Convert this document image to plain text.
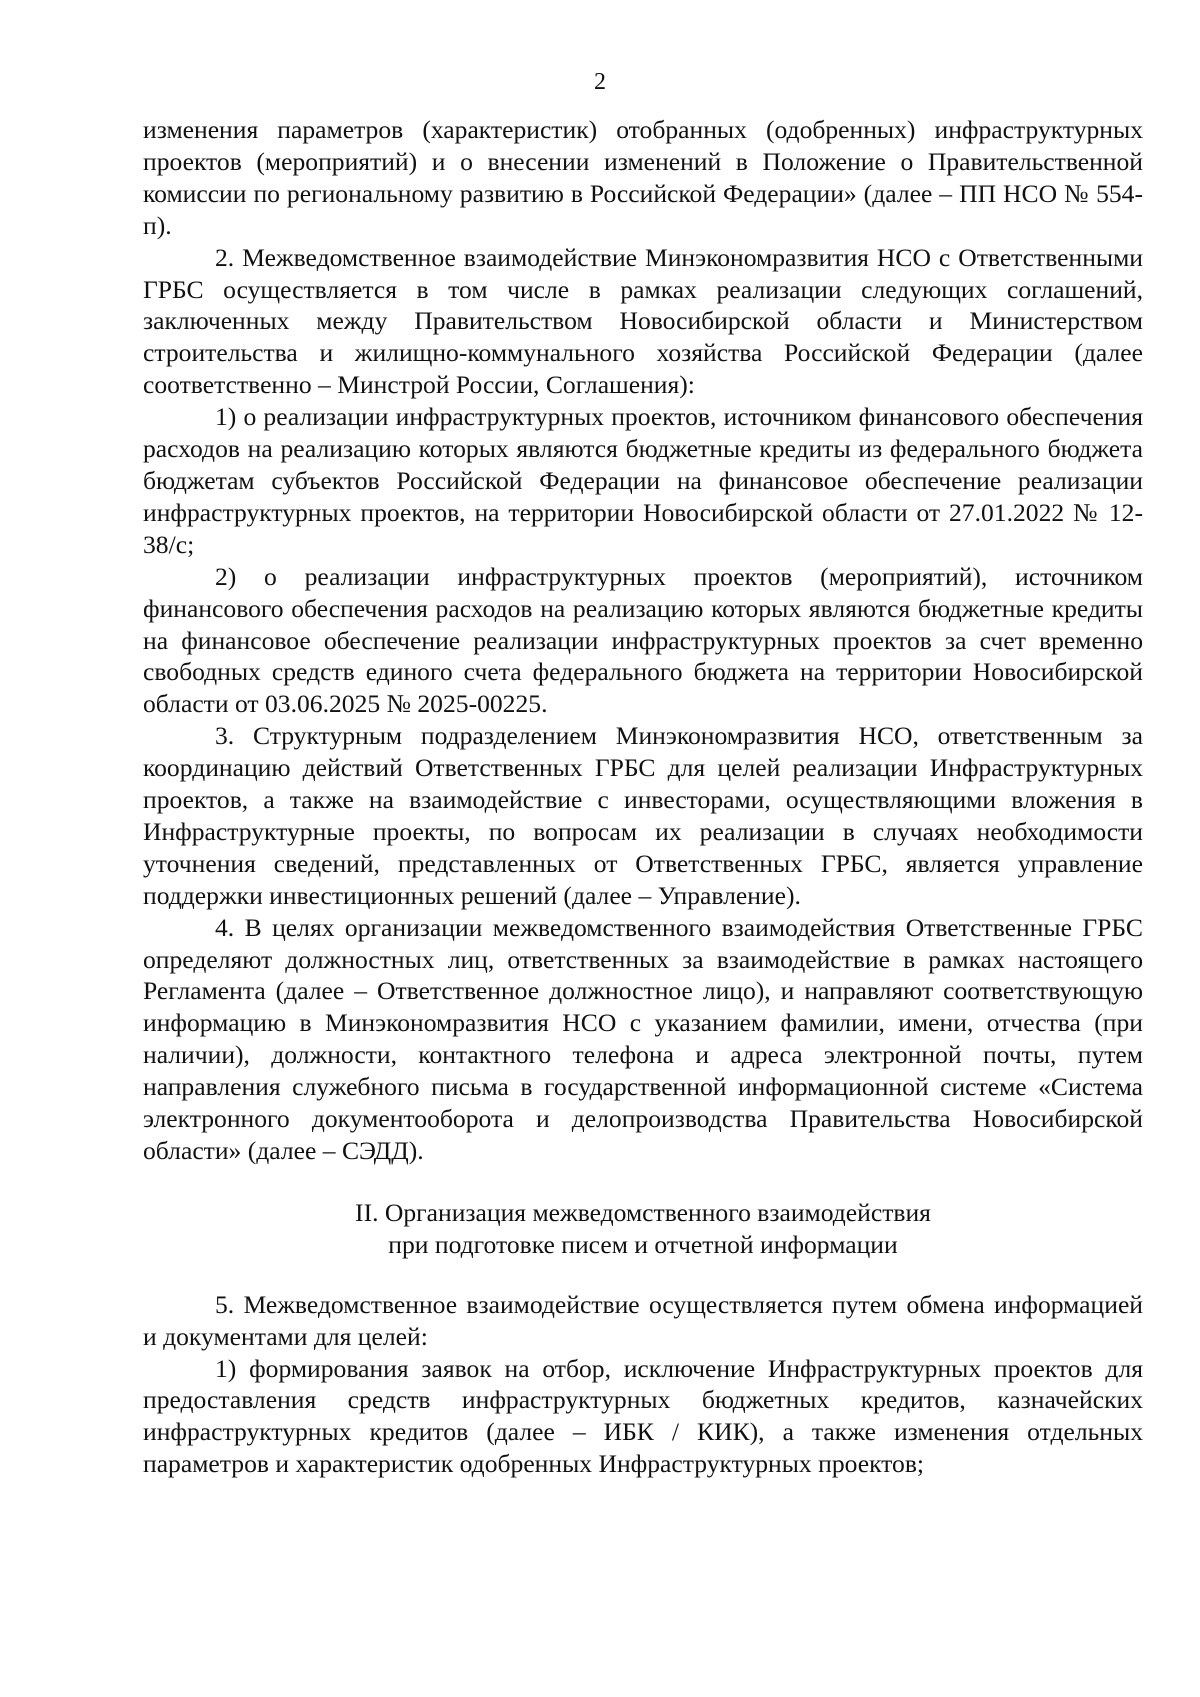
2

изменения параметров (характеристик) отобранных (одобренных) инфраструктурных проектов (мероприятий) и о внесении изменений в Положение о Правительственной комиссии по региональному развитию в Российской Федерации» (далее – ПП НСО № 554-п).

2. Межведомственное взаимодействие Минэкономразвития НСО с Ответственными ГРБС осуществляется в том числе в рамках реализации следующих соглашений, заключенных между Правительством Новосибирской области и Министерством строительства и жилищно-коммунального хозяйства Российской Федерации (далее соответственно – Минстрой России, Соглашения):

1) о реализации инфраструктурных проектов, источником финансового обеспечения расходов на реализацию которых являются бюджетные кредиты из федерального бюджета бюджетам субъектов Российской Федерации на финансовое обеспечение реализации инфраструктурных проектов, на территории Новосибирской области от 27.01.2022 № 12-38/с;

2) о реализации инфраструктурных проектов (мероприятий), источником финансового обеспечения расходов на реализацию которых являются бюджетные кредиты на финансовое обеспечение реализации инфраструктурных проектов за счет временно свободных средств единого счета федерального бюджета на территории Новосибирской области от 03.06.2025 № 2025-00225.

3. Структурным подразделением Минэкономразвития НСО, ответственным за координацию действий Ответственных ГРБС для целей реализации Инфраструктурных проектов, а также на взаимодействие с инвесторами, осуществляющими вложения в Инфраструктурные проекты, по вопросам их реализации в случаях необходимости уточнения сведений, представленных от Ответственных ГРБС, является управление поддержки инвестиционных решений (далее – Управление).

4. В целях организации межведомственного взаимодействия Ответственные ГРБС определяют должностных лиц, ответственных за взаимодействие в рамках настоящего Регламента (далее – Ответственное должностное лицо), и направляют соответствующую информацию в Минэкономразвития НСО с указанием фамилии, имени, отчества (при наличии), должности, контактного телефона и адреса электронной почты, путем направления служебного письма в государственной информационной системе «Система электронного документооборота и делопроизводства Правительства Новосибирской области» (далее – СЭДД).

II. Организация межведомственного взаимодействия
при подготовке писем и отчетной информации

5. Межведомственное взаимодействие осуществляется путем обмена информацией и документами для целей:

1) формирования заявок на отбор, исключение Инфраструктурных проектов для предоставления средств инфраструктурных бюджетных кредитов, казначейских инфраструктурных кредитов (далее – ИБК / КИК), а также изменения отдельных параметров и характеристик одобренных Инфраструктурных проектов;
